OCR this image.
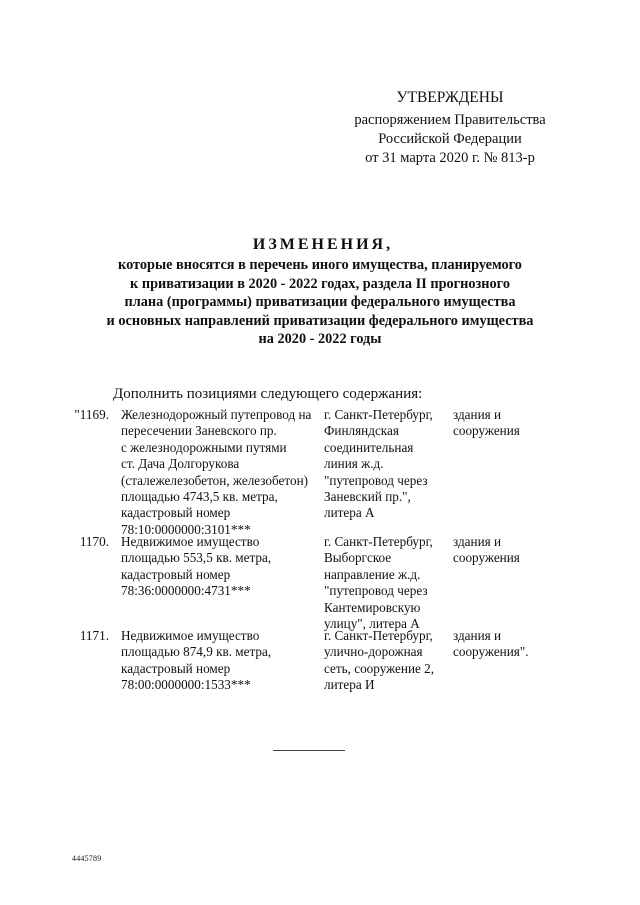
УТВЕРЖДЕНЫ
распоряжением Правительства
Российской Федерации
от 31 марта 2020 г. № 813-р
ИЗМЕНЕНИЯ,
которые вносятся в перечень иного имущества, планируемого
к приватизации в 2020 - 2022 годах, раздела II прогнозного
плана (программы) приватизации федерального имущества
и основных направлений приватизации федерального имущества
на 2020 - 2022 годы
Дополнить позициями следующего содержания:
"1169. Железнодорожный путепровод на
пересечении Заневского пр.
с железнодорожными путями
ст. Дача Долгорукова
(сталежелезобетон, железобетон)
площадью 4743,5 кв. метра,
кадастровый номер
78:10:0000000:3101***
г. Санкт-Петербург,
Финляндская
соединительная
линия ж.д.
"путепровод через
Заневский пр.",
литера А
здания и
сооружения
1170. Недвижимое имущество
площадью 553,5 кв. метра,
кадастровый номер
78:36:0000000:4731***
г. Санкт-Петербург,
Выборгское
направление ж.д.
"путепровод через
Кантемировскую
улицу", литера А
здания и
сооружения
1171. Недвижимое имущество
площадью 874,9 кв. метра,
кадастровый номер
78:00:0000000:1533***
г. Санкт-Петербург,
улично-дорожная
сеть, сооружение 2,
литера И
здания и
сооружения".
4445789
